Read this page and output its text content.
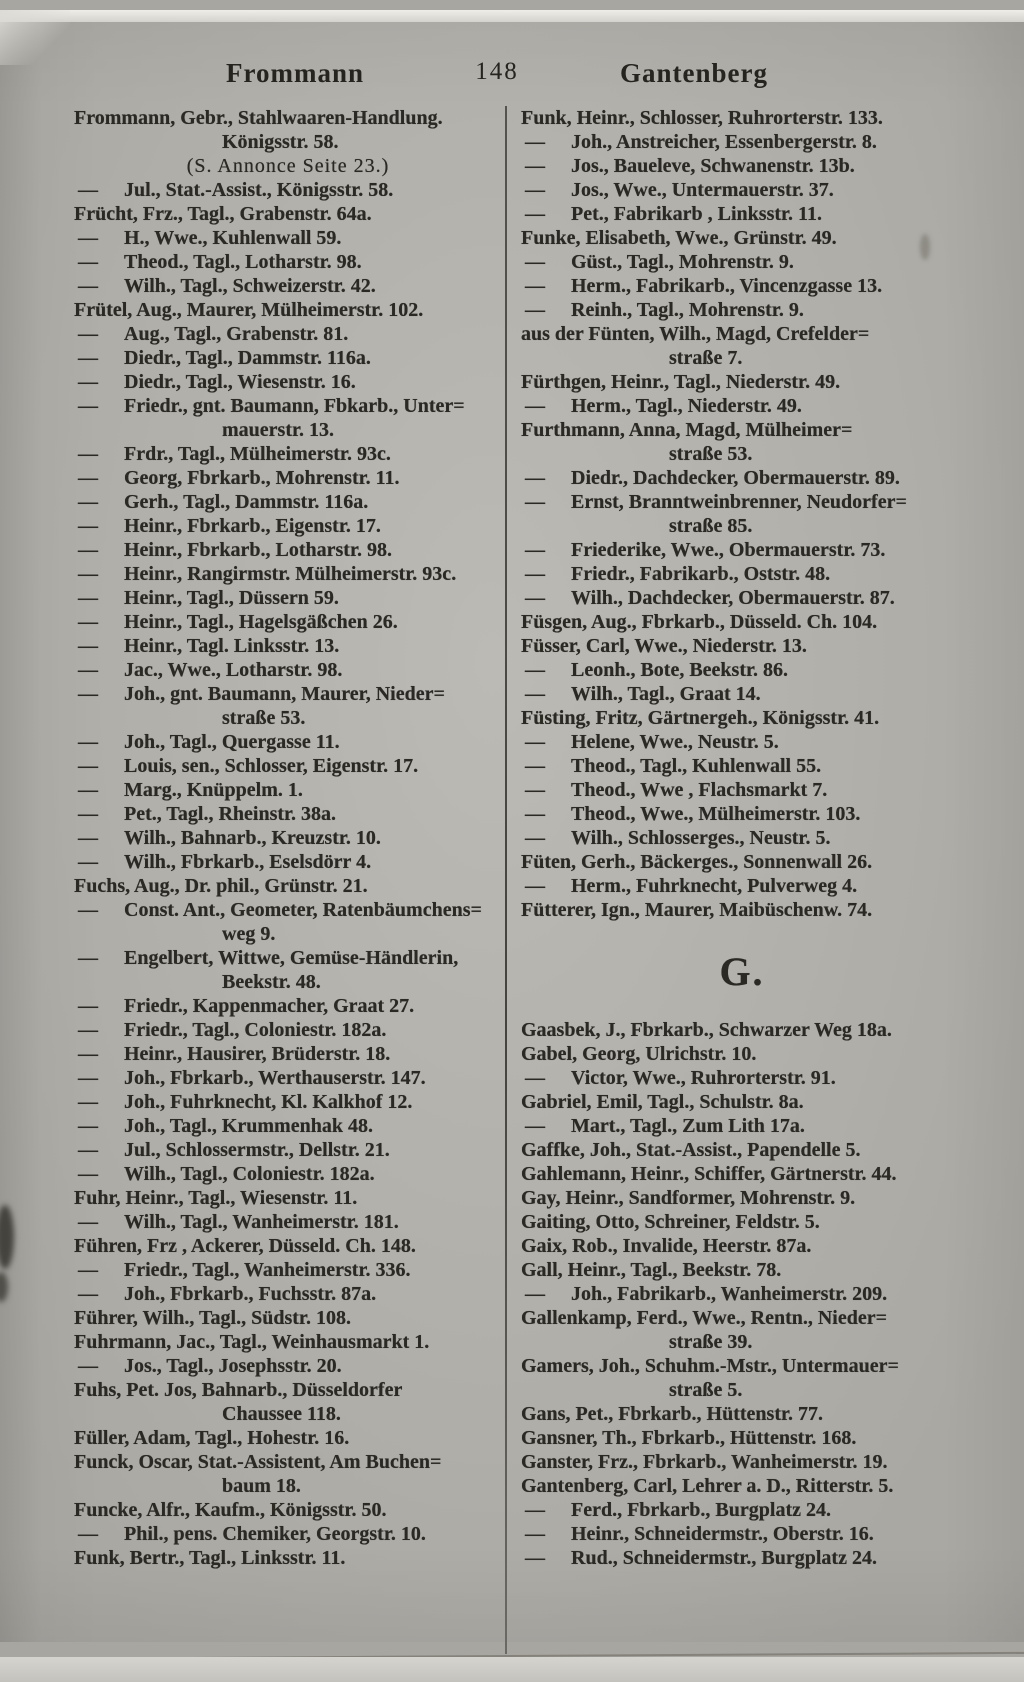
Frommann	148	Gantenberg
Frommann, Gebr., Stahlwaaren-Handlung.
Königsstr. 58.
(S. Annonce Seite 23.)
—	Jul., Stat.-Assist., Königsstr. 58.
Frücht, Frz., Tagl., Grabenstr. 64a.
—	H., Wwe., Kuhlenwall 59.
—	Theod., Tagl., Lotharstr. 98.
—	Wilh., Tagl., Schweizerstr. 42.
Frütel, Aug., Maurer, Mülheimerstr. 102.
—	Aug., Tagl., Grabenstr. 81.
—	Diedr., Tagl., Dammstr. 116a.
—	Diedr., Tagl., Wiesenstr. 16.
—	Friedr., gnt. Baumann, Fbkarb., Unter=
mauerstr. 13.
—	Frdr., Tagl., Mülheimerstr. 93c.
—	Georg, Fbrkarb., Mohrenstr. 11.
—	Gerh., Tagl., Dammstr. 116a.
—	Heinr., Fbrkarb., Eigenstr. 17.
—	Heinr., Fbrkarb., Lotharstr. 98.
—	Heinr., Rangirmstr. Mülheimerstr. 93c.
—	Heinr., Tagl., Düssern 59.
—	Heinr., Tagl., Hagelsgäßchen 26.
—	Heinr., Tagl. Linksstr. 13.
—	Jac., Wwe., Lotharstr. 98.
—	Joh., gnt. Baumann, Maurer, Nieder=
straße 53.
—	Joh., Tagl., Quergasse 11.
—	Louis, sen., Schlosser, Eigenstr. 17.
—	Marg., Knüppelm. 1.
—	Pet., Tagl., Rheinstr. 38a.
—	Wilh., Bahnarb., Kreuzstr. 10.
—	Wilh., Fbrkarb., Eselsdörr 4.
Fuchs, Aug., Dr. phil., Grünstr. 21.
—	Const. Ant., Geometer, Ratenbäumchens=
weg 9.
—	Engelbert, Wittwe, Gemüse-Händlerin,
Beekstr. 48.
—	Friedr., Kappenmacher, Graat 27.
—	Friedr., Tagl., Coloniestr. 182a.
—	Heinr., Hausirer, Brüderstr. 18.
—	Joh., Fbrkarb., Werthauserstr. 147.
—	Joh., Fuhrknecht, Kl. Kalkhof 12.
—	Joh., Tagl., Krummenhak 48.
—	Jul., Schlossermstr., Dellstr. 21.
—	Wilh., Tagl., Coloniestr. 182a.
Fuhr, Heinr., Tagl., Wiesenstr. 11.
—	Wilh., Tagl., Wanheimerstr. 181.
Führen, Frz , Ackerer, Düsseld. Ch. 148.
—	Friedr., Tagl., Wanheimerstr. 336.
—	Joh., Fbrkarb., Fuchsstr. 87a.
Führer, Wilh., Tagl., Südstr. 108.
Fuhrmann, Jac., Tagl., Weinhausmarkt 1.
—	Jos., Tagl., Josephsstr. 20.
Fuhs, Pet. Jos, Bahnarb., Düsseldorfer
Chaussee 118.
Füller, Adam, Tagl., Hohestr. 16.
Funck, Oscar, Stat.-Assistent, Am Buchen=
baum 18.
Funcke, Alfr., Kaufm., Königsstr. 50.
—	Phil., pens. Chemiker, Georgstr. 10.
Funk, Bertr., Tagl., Linksstr. 11.
Funk, Heinr., Schlosser, Ruhrorterstr. 133.
—	Joh., Anstreicher, Essenbergerstr. 8.
—	Jos., Baueleve, Schwanenstr. 13b.
—	Jos., Wwe., Untermauerstr. 37.
—	Pet., Fabrikarb , Linksstr. 11.
Funke, Elisabeth, Wwe., Grünstr. 49.
—	Güst., Tagl., Mohrenstr. 9.
—	Herm., Fabrikarb., Vincenzgasse 13.
—	Reinh., Tagl., Mohrenstr. 9.
aus der Fünten, Wilh., Magd, Crefelder=
straße 7.
Fürthgen, Heinr., Tagl., Niederstr. 49.
—	Herm., Tagl., Niederstr. 49.
Furthmann, Anna, Magd, Mülheimer=
straße 53.
—	Diedr., Dachdecker, Obermauerstr. 89.
—	Ernst, Branntweinbrenner, Neudorfer=
straße 85.
—	Friederike, Wwe., Obermauerstr. 73.
—	Friedr., Fabrikarb., Oststr. 48.
—	Wilh., Dachdecker, Obermauerstr. 87.
Füsgen, Aug., Fbrkarb., Düsseld. Ch. 104.
Füsser, Carl, Wwe., Niederstr. 13.
—	Leonh., Bote, Beekstr. 86.
—	Wilh., Tagl., Graat 14.
Füsting, Fritz, Gärtnergeh., Königsstr. 41.
—	Helene, Wwe., Neustr. 5.
—	Theod., Tagl., Kuhlenwall 55.
—	Theod., Wwe , Flachsmarkt 7.
—	Theod., Wwe., Mülheimerstr. 103.
—	Wilh., Schlosserges., Neustr. 5.
Füten, Gerh., Bäckerges., Sonnenwall 26.
—	Herm., Fuhrknecht, Pulverweg 4.
Fütterer, Ign., Maurer, Maibüschenw. 74.
G.
Gaasbek, J., Fbrkarb., Schwarzer Weg 18a.
Gabel, Georg, Ulrichstr. 10.
—	Victor, Wwe., Ruhrorterstr. 91.
Gabriel, Emil, Tagl., Schulstr. 8a.
—	Mart., Tagl., Zum Lith 17a.
Gaffke, Joh., Stat.-Assist., Papendelle 5.
Gahlemann, Heinr., Schiffer, Gärtnerstr. 44.
Gay, Heinr., Sandformer, Mohrenstr. 9.
Gaiting, Otto, Schreiner, Feldstr. 5.
Gaix, Rob., Invalide, Heerstr. 87a.
Gall, Heinr., Tagl., Beekstr. 78.
—	Joh., Fabrikarb., Wanheimerstr. 209.
Gallenkamp, Ferd., Wwe., Rentn., Nieder=
straße 39.
Gamers, Joh., Schuhm.-Mstr., Untermauer=
straße 5.
Gans, Pet., Fbrkarb., Hüttenstr. 77.
Gansner, Th., Fbrkarb., Hüttenstr. 168.
Ganster, Frz., Fbrkarb., Wanheimerstr. 19.
Gantenberg, Carl, Lehrer a. D., Ritterstr. 5.
—	Ferd., Fbrkarb., Burgplatz 24.
—	Heinr., Schneidermstr., Oberstr. 16.
—	Rud., Schneidermstr., Burgplatz 24.
